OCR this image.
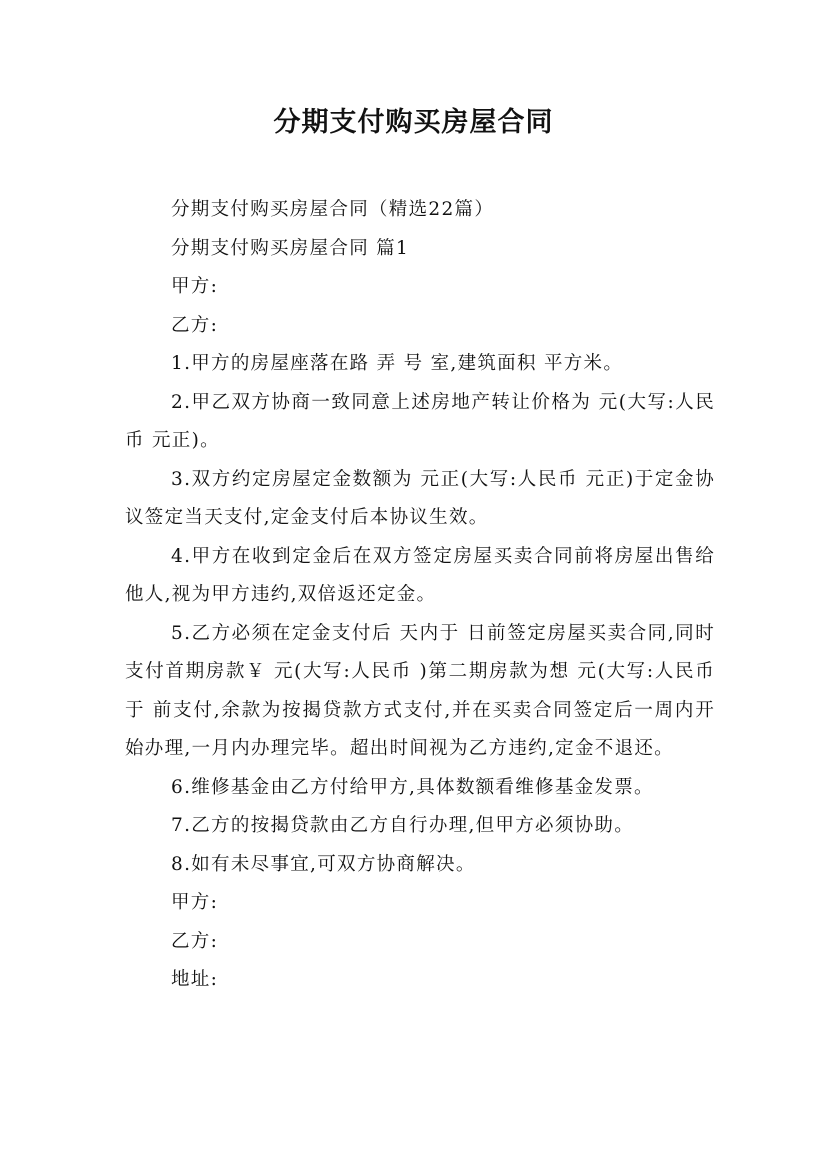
分期支付购买房屋合同

分期支付购买房屋合同（精选22篇）

分期支付购买房屋合同 篇1

甲方:

乙方:

1.甲方的房屋座落在路 弄 号 室,建筑面积 平方米。

2.甲乙双方协商一致同意上述房地产转让价格为 元(大写:人民币 元正)。

3.双方约定房屋定金数额为 元正(大写:人民币 元正)于定金协议签定当天支付,定金支付后本协议生效。

4.甲方在收到定金后在双方签定房屋买卖合同前将房屋出售给他人,视为甲方违约,双倍返还定金。

5.乙方必须在定金支付后 天内于 日前签定房屋买卖合同,同时支付首期房款￥ 元(大写:人民币 )第二期房款为想 元(大写:人民币 于 前支付,余款为按揭贷款方式支付,并在买卖合同签定后一周内开始办理,一月内办理完毕。超出时间视为乙方违约,定金不退还。

6.维修基金由乙方付给甲方,具体数额看维修基金发票。

7.乙方的按揭贷款由乙方自行办理,但甲方必须协助。

8.如有未尽事宜,可双方协商解决。

甲方:

乙方:

地址:
